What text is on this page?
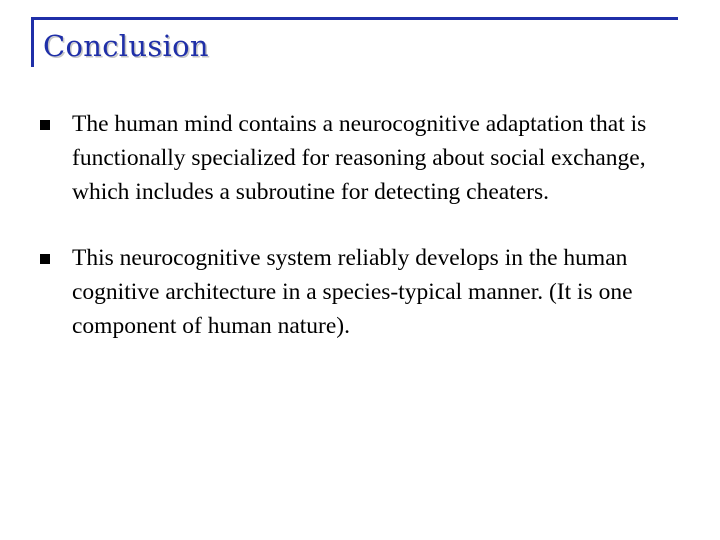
Conclusion
The human mind contains a neurocognitive adaptation that is functionally specialized for reasoning about social exchange, which includes a subroutine for detecting cheaters.
This neurocognitive system reliably develops in the human cognitive architecture in a species-typical manner. (It is one component of human nature).
